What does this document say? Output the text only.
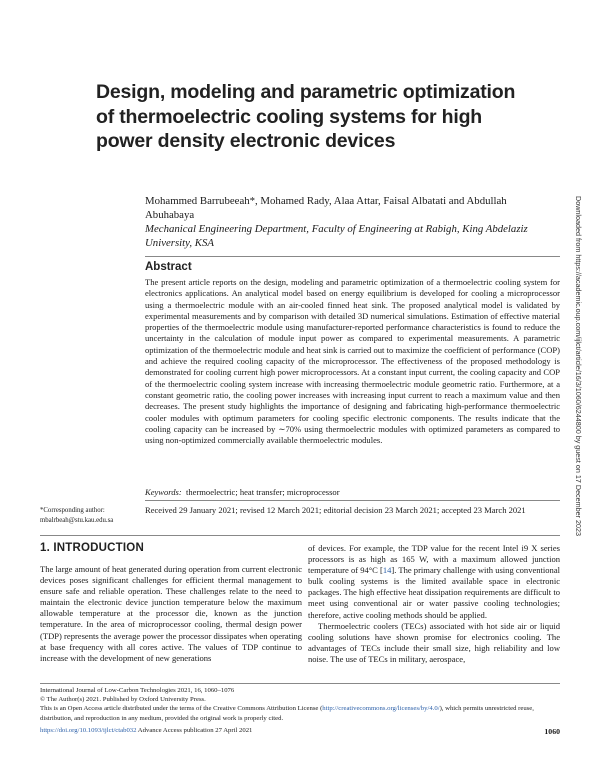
Design, modeling and parametric optimization of thermoelectric cooling systems for high power density electronic devices
Mohammed Barrubeeah*, Mohamed Rady, Alaa Attar, Faisal Albatati and Abdullah Abuhabaya
Mechanical Engineering Department, Faculty of Engineering at Rabigh, King Abdelaziz University, KSA
Abstract

The present article reports on the design, modeling and parametric optimization of a thermoelectric cooling system for electronics applications. An analytical model based on energy equilibrium is developed for cooling a microprocessor using a thermoelectric module with an air-cooled finned heat sink. The proposed analytical model is validated by experimental measurements and by comparison with detailed 3D numerical simulations. Estimation of effective material properties of the thermoelectric module using manufacturer-reported performance characteristics is found to reduce the uncertainty in the calculation of module input power as compared to experimental measurements. A parametric optimization of the thermoelectric module and heat sink is carried out to maximize the coefficient of performance (COP) and achieve the required cooling capacity of the microprocessor. The effectiveness of the proposed methodology is demonstrated for cooling current high power microprocessors. At a constant input current, the cooling capacity and COP of the thermoelectric cooling system increase with increasing thermoelectric module geometric ratio. Furthermore, at a constant geometric ratio, the cooling power increases with increasing input current to reach a maximum value and then decreases. The present study highlights the importance of designing and fabricating high-performance thermoelectric cooler modules with optimum parameters for cooling specific electronic components. The results indicate that the cooling capacity can be increased by ∼70% using thermoelectric modules with optimized parameters as compared to using non-optimized commercially available thermoelectric modules.

Keywords: thermoelectric; heat transfer; microprocessor
*Corresponding author:
mbalrbeah@stu.kau.edu.sa
Received 29 January 2021; revised 12 March 2021; editorial decision 23 March 2021; accepted 23 March 2021
1. INTRODUCTION

The large amount of heat generated during operation from current electronic devices poses significant challenges for efficient thermal management to ensure safe and reliable operation. These challenges relate to the need to maintain the electronic device junction temperature below the maximum allowable temperature at the processor die, known as the junction temperature. In the area of microprocessor cooling, thermal design power (TDP) represents the average power the processor dissipates when operating at base frequency with all cores active. The values of TDP continue to increase with the development of new generations

of devices. For example, the TDP value for the recent Intel i9 X series processors is as high as 165 W, with a maximum allowed junction temperature of 94°C [14]. The primary challenge with using conventional bulk cooling systems is the limited available space in electronic packages. The high effective heat dissipation requirements are difficult to meet using conventional air or water passive cooling technologies; therefore, active cooling methods should be applied.

Thermoelectric coolers (TECs) associated with hot side air or liquid cooling solutions have shown promise for electronics cooling. The advantages of TECs include their small size, high reliability and low noise. The use of TECs in military, aerospace,

International Journal of Low-Carbon Technologies 2021, 16, 1060–1076
© The Author(s) 2021. Published by Oxford University Press.
This is an Open Access article distributed under the terms of the Creative Commons Attribution License (http://creativecommons.org/licenses/by/4.0/), which permits unrestricted reuse, distribution, and reproduction in any medium, provided the original work is properly cited.
https://doi.org/10.1093/ijlct/ctab032 Advance Access publication 27 April 2021	1060
Downloaded from https://academic.oup.com/ijlct/article/16/3/1060/6244800 by guest on 17 December 2023
